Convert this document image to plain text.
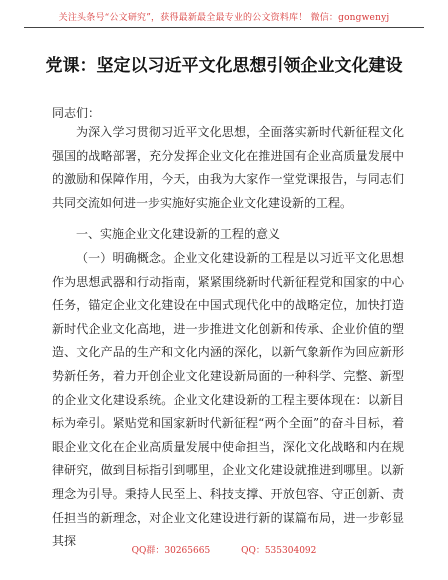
关注头条号“公文研究”，获得最新最全最专业的公文资料库！ 微信：gongwenyj
党课：坚定以习近平文化思想引领企业文化建设
同志们：

为深入学习贯彻习近平文化思想，全面落实新时代新征程文化强国的战略部署，充分发挥企业文化在推进国有企业高质量发展中的激励和保障作用，今天，由我为大家作一堂党课报告，与同志们共同交流如何进一步实施好实施企业文化建设新的工程。

一、实施企业文化建设新的工程的意义

（一）明确概念。企业文化建设新的工程是以习近平文化思想作为思想武器和行动指南，紧紧围绕新时代新征程党和国家的中心任务，锚定企业文化建设在中国式现代化中的战略定位，加快打造新时代企业文化高地，进一步推进文化创新和传承、企业价值的塑造、文化产品的生产和文化内涵的深化，以新气象新作为回应新形势新任务，着力开创企业文化建设新局面的一种科学、完整、新型的企业文化建设系统。企业文化建设新的工程主要体现在：以新目标为牵引。紧贴党和国家新时代新征程“两个全面”的奋斗目标，着眼企业文化在企业高质量发展中使命担当，深化文化战略和内在规律研究，做到目标指引到哪里，企业文化建设就推进到哪里。以新理念为引导。秉持人民至上、科技支撑、开放包容、守正创新、责任担当的新理念，对企业文化建设进行新的谋篇布局，进一步彰显其探

QQ群：30265665	QQ：535304092
